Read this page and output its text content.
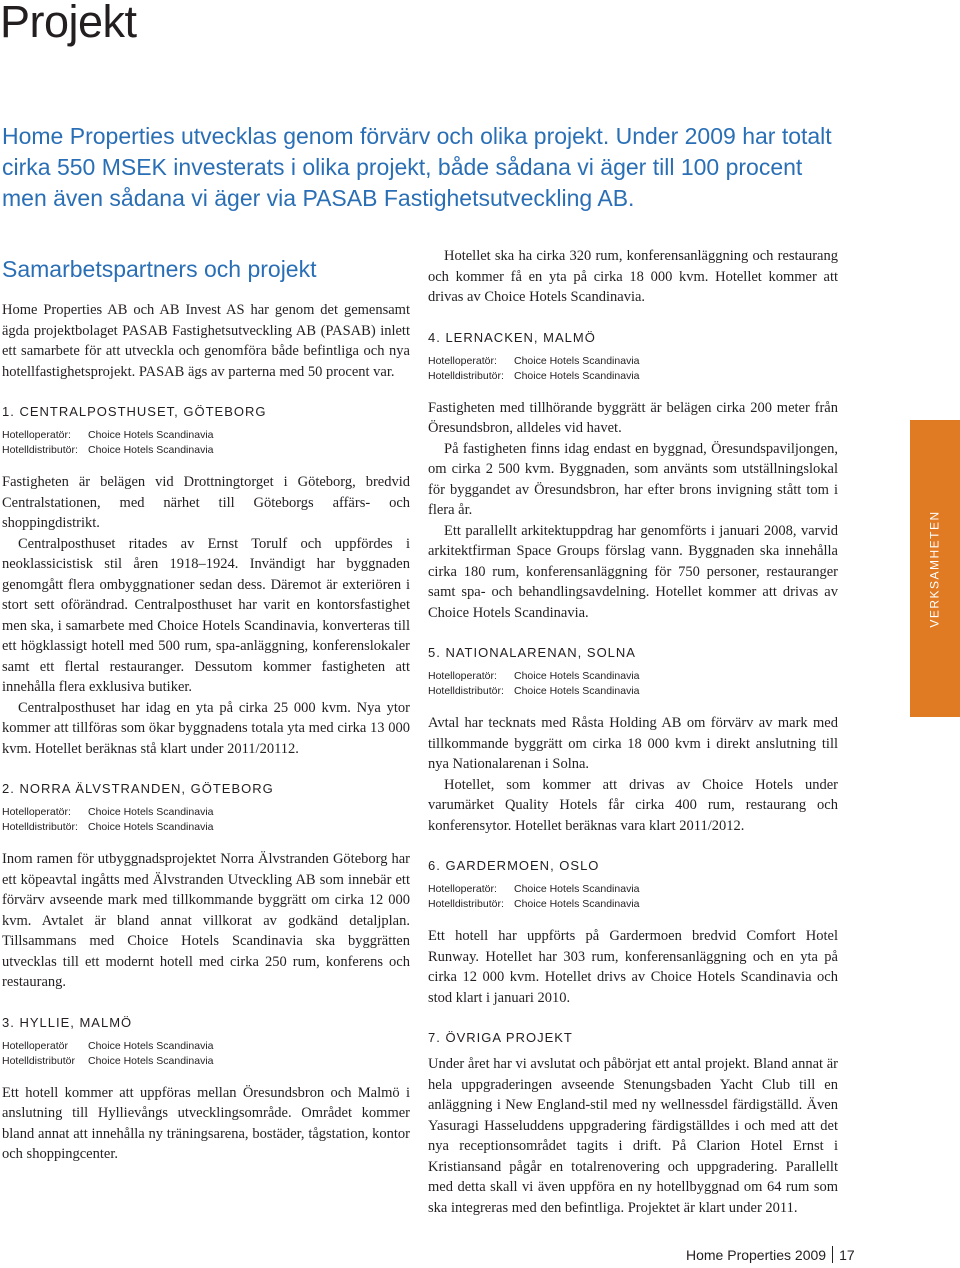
Projekt

Home Properties utvecklas genom förvärv och olika projekt. Under 2009 har totalt cirka 550 MSEK investerats i olika projekt, både sådana vi äger till 100 procent men även sådana vi äger via PASAB Fastighetsutveckling AB.

Samarbetspartners och projekt

Home Properties AB och AB Invest AS har genom det gemensamt ägda projektbolaget PASAB Fastighetsutveckling AB (PASAB) inlett ett samarbete för att utveckla och genomföra både befintliga och nya hotellfastighetsprojekt. PASAB ägs av parterna med 50 procent var.

1. CENTRALPOSTHUSET, GÖTEBORG
Hotelloperatör:	Choice Hotels Scandinavia
Hotelldistributör: Choice Hotels Scandinavia

Fastigheten är belägen vid Drottningtorget i Göteborg, bredvid Centralstationen, med närhet till Göteborgs affärs- och shoppingdistrikt.

Centralposthuset ritades av Ernst Torulf och uppfördes i neoklassicistisk stil åren 1918–1924. Invändigt har byggnaden genomgått flera ombyggnationer sedan dess. Däremot är exteriören i stort sett oförändrad. Centralposthuset har varit en kontorsfastighet men ska, i samarbete med Choice Hotels Scandinavia, konverteras till ett högklassigt hotell med 500 rum, spa-anläggning, konferenslokaler samt ett flertal restauranger. Dessutom kommer fastigheten att innehålla flera exklusiva butiker.

Centralposthuset har idag en yta på cirka 25 000 kvm. Nya ytor kommer att tillföras som ökar byggnadens totala yta med cirka 13 000 kvm. Hotellet beräknas stå klart under 2011/20112.

2. NORRA ÄLVSTRANDEN, GÖTEBORG
Hotelloperatör:	Choice Hotels Scandinavia
Hotelldistributör: Choice Hotels Scandinavia

Inom ramen för utbyggnadsprojektet Norra Älvstranden Göteborg har ett köpeavtal ingåtts med Älvstranden Utveckling AB som innebär ett förvärv avseende mark med tillkommande byggrätt om cirka 12 000 kvm. Avtalet är bland annat villkorat av godkänd detaljplan. Tillsammans med Choice Hotels Scandinavia ska byggrätten utvecklas till ett modernt hotell med cirka 250 rum, konferens och restaurang.

3. HYLLIE, MALMÖ
Hotelloperatör	Choice Hotels Scandinavia
Hotelldistributör	Choice Hotels Scandinavia

Ett hotell kommer att uppföras mellan Öresundsbron och Malmö i anslutning till Hyllievångs utvecklingsområde. Området kommer bland annat att innehålla ny träningsarena, bostäder, tågstation, kontor och shoppingcenter.

Hotellet ska ha cirka 320 rum, konferensanläggning och restaurang och kommer få en yta på cirka 18 000 kvm. Hotellet kommer att drivas av Choice Hotels Scandinavia.

4. LERNACKEN, MALMÖ
Hotelloperatör:	Choice Hotels Scandinavia
Hotelldistributör: Choice Hotels Scandinavia

Fastigheten med tillhörande byggrätt är belägen cirka 200 meter från Öresundsbron, alldeles vid havet.

På fastigheten finns idag endast en byggnad, Öresundspaviljongen, om cirka 2 500 kvm. Byggnaden, som använts som utställningslokal för byggandet av Öresundsbron, har efter brons invigning stått tom i flera år.

Ett parallellt arkitektuppdrag har genomförts i januari 2008, varvid arkitektfirman Space Groups förslag vann. Byggnaden ska innehålla cirka 180 rum, konferensanläggning för 750 personer, restauranger samt spa- och behandlingsavdelning. Hotellet kommer att drivas av Choice Hotels Scandinavia.

5. NATIONALARENAN, SOLNA
Hotelloperatör:	Choice Hotels Scandinavia
Hotelldistributör: Choice Hotels Scandinavia

Avtal har tecknats med Råsta Holding AB om förvärv av mark med tillkommande byggrätt om cirka 18 000 kvm i direkt anslutning till nya Nationalarenan i Solna.

Hotellet, som kommer att drivas av Choice Hotels under varumärket Quality Hotels får cirka 400 rum, restaurang och konferensytor. Hotellet beräknas vara klart 2011/2012.

6. GARDERMOEN, OSLO
Hotelloperatör:	Choice Hotels Scandinavia
Hotelldistributör: Choice Hotels Scandinavia

Ett hotell har uppförts på Gardermoen bredvid Comfort Hotel Runway. Hotellet har 303 rum, konferensanläggning och en yta på cirka 12 000 kvm. Hotellet drivs av Choice Hotels Scandinavia och stod klart i januari 2010.

7. ÖVRIGA PROJEKT

Under året har vi avslutat och påbörjat ett antal projekt. Bland annat är hela uppgraderingen avseende Stenungsbaden Yacht Club till en anläggning i New England-stil med ny wellnessdel färdigställd. Även Yasuragi Hasseluddens uppgradering färdigställdes i och med att det nya receptionsområdet tagits i drift. På Clarion Hotel Ernst i Kristiansand pågår en totalrenovering och uppgradering. Parallellt med detta skall vi även uppföra en ny hotellbyggnad om 64 rum som ska integreras med den befintliga. Projektet är klart under 2011.

VERKSAMHETEN
Home Properties 2009 17
